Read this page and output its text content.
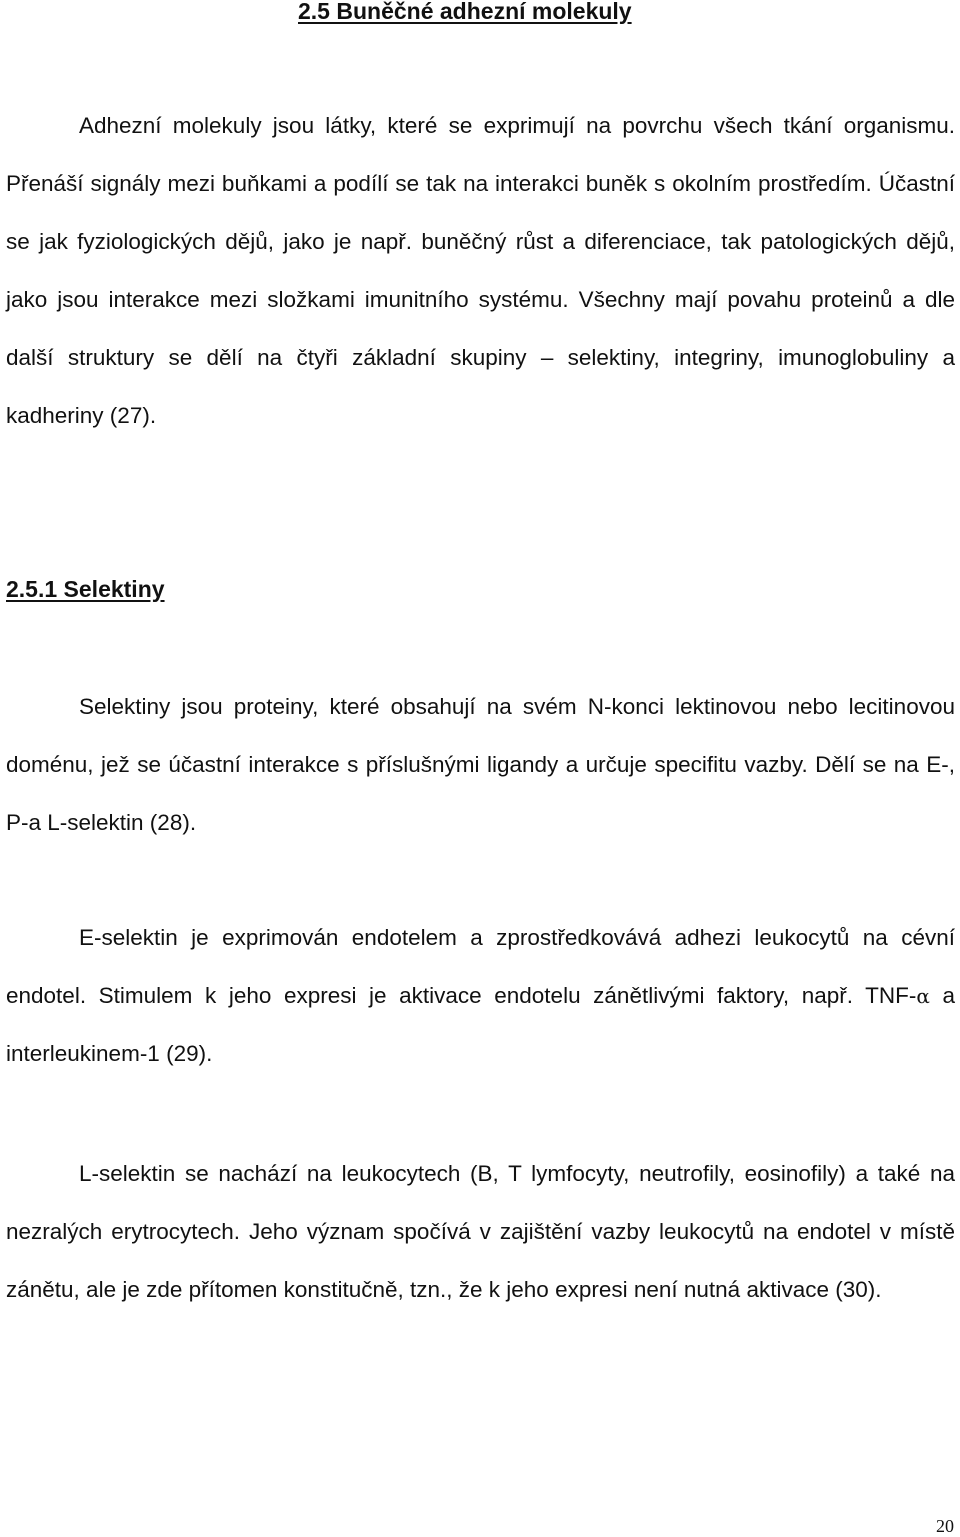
2.5 Buněčné adhezní molekuly

Adhezní molekuly jsou látky, které se exprimují na povrchu všech tkání organismu. Přenáší signály mezi buňkami a podílí se tak na interakci buněk s okolním prostředím. Účastní se jak fyziologických dějů, jako je např. buněčný růst a diferenciace, tak patologických dějů, jako jsou interakce mezi složkami imunitního systému. Všechny mají povahu proteinů a dle další struktury se dělí na čtyři základní skupiny – selektiny, integriny, imunoglobuliny a kadheriny (27).

2.5.1 Selektiny

Selektiny jsou proteiny, které obsahují na svém N-konci lektinovou nebo lecitinovou doménu, jež se účastní interakce s příslušnými ligandy a určuje specifitu vazby. Dělí se na E-, P-a L-selektin (28).

E-selektin je exprimován endotelem a zprostředkovává adhezi leukocytů na cévní endotel. Stimulem k jeho expresi je aktivace endotelu zánětlivými faktory, např. TNF-α a interleukinem-1 (29).

L-selektin se nachází na leukocytech (B, T lymfocyty, neutrofily, eosinofily) a také na nezralých erytrocytech. Jeho význam spočívá v zajištění vazby leukocytů na endotel v místě zánětu, ale je zde přítomen konstitučně, tzn., že k jeho expresi není nutná aktivace (30).

20
